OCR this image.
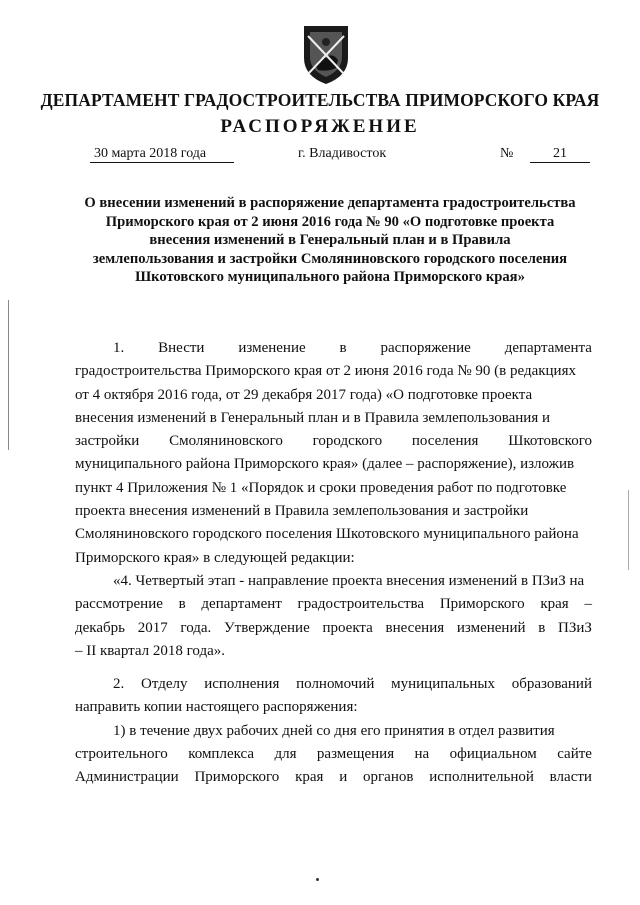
ДЕПАРТАМЕНТ ГРАДОСТРОИТЕЛЬСТВА ПРИМОРСКОГО КРАЯ
РАСПОРЯЖЕНИЕ
30 марта 2018 года	г. Владивосток	№	21
О внесении изменений в распоряжение департамента градостроительства
Приморского края от 2 июня 2016 года № 90 «О подготовке проекта
внесения изменений в Генеральный план и в Правила
землепользования и застройки Смоляниновского городского поселения
Шкотовского муниципального района Приморского края»
1. Внести изменение в распоряжение департамента
градостроительства Приморского края от 2 июня 2016 года № 90 (в редакциях
от 4 октября 2016 года, от 29 декабря 2017 года) «О подготовке проекта
внесения изменений в Генеральный план и в Правила землепользования и
застройки Смоляниновского городского поселения Шкотовского
муниципального района Приморского края» (далее – распоряжение), изложив
пункт 4 Приложения № 1 «Порядок и сроки проведения работ по подготовке
проекта внесения изменений в Правила землепользования и застройки
Смоляниновского городского поселения Шкотовского муниципального района
Приморского края» в следующей редакции:
«4. Четвертый этап - направление проекта внесения изменений в ПЗиЗ на
рассмотрение в департамент градостроительства Приморского края –
декабрь 2017 года. Утверждение проекта внесения изменений в ПЗиЗ
– II квартал 2018 года».
2. Отделу исполнения полномочий муниципальных образований
направить копии настоящего распоряжения:
1) в течение двух рабочих дней со дня его принятия в отдел развития
строительного комплекса для размещения на официальном сайте
Администрации Приморского края и органов исполнительной власти
